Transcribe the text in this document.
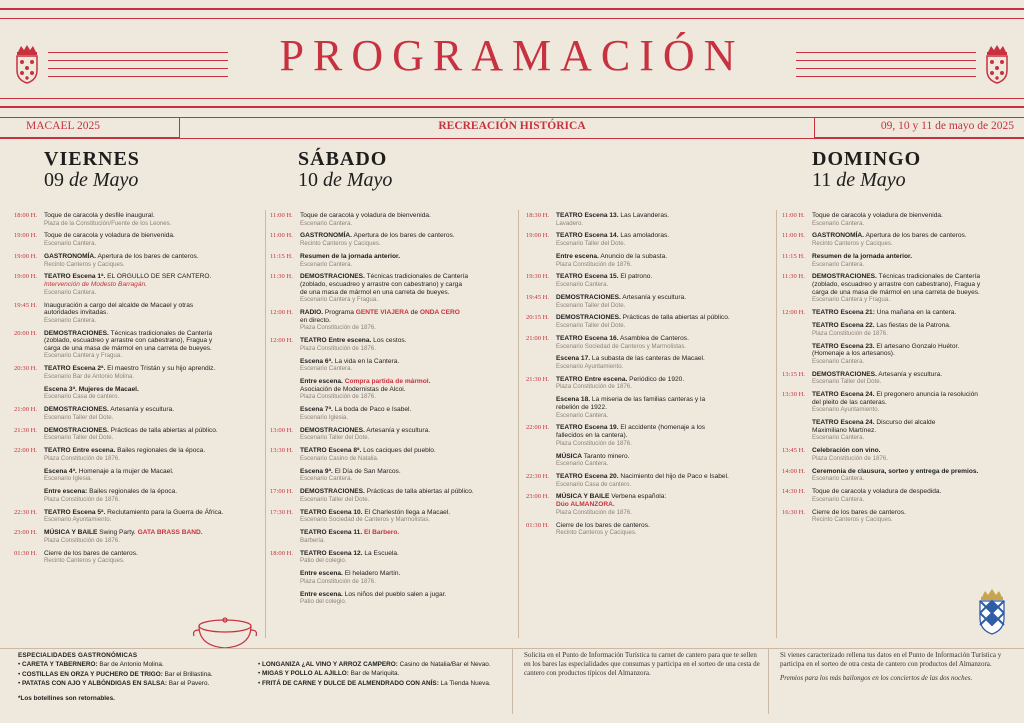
PROGRAMACIÓN
MACAEL 2025	RECREACIÓN HISTÓRICA	09, 10 y 11 de mayo de 2025
VIERNES
09 de Mayo
SÁBADO
10 de Mayo
DOMINGO
11 de Mayo
18:00 H.	Toque de caracola y desfile inaugural.
Plaza de la Constitución/Fuente de los Leones.
19:00 H.	Toque de caracola y voladura de bienvenida.
Escenario Cantera.
19:00 H.	GASTRONOMÍA. Apertura de los bares de canteros.
Recinto Canteros y Caciques.
19:00 H.	TEATRO Escena 1ª. EL ORGULLO DE SER CANTERO.
Intervención de Modesto Barragán.
Escenario Cantera.
19:45 H.	Inauguración a cargo del alcalde de Macael y otras
autoridades invitadas.
Escenario Cantera.
20:00 H.	DEMOSTRACIONES. Técnicas tradicionales de Cantería
(zoblado, escuadreo y arrastre con cabestrano), Fragua y
carga de una masa de mármol en una carreta de bueyes.
Escenario Cantera y Fragua.
20:30 H.	TEATRO Escena 2ª. El maestro Tristán y su hijo aprendiz.
Escenario Bar de Antonio Molina.
Escena 3ª. Mujeres de Macael.
Escenario Casa de cantero.
21:00 H.	DEMOSTRACIONES. Artesanía y escultura.
Escenario Taller del Dote.
21:30 H.	DEMOSTRACIONES. Prácticas de talla abiertas al público.
Escenario Taller del Dote.
22:00 H.	TEATRO Entre escena. Bailes regionales de la época.
Plaza Constitución de 1876.
Escena 4ª. Homenaje a la mujer de Macael.
Escenario Iglesia.
Entre escena: Bailes regionales de la época.
Plaza Constitución de 1876.
22:30 H.	TEATRO Escena 5ª. Reclutamiento para la Guerra de África.
Escenario Ayuntamiento.
23:00 H.	MÚSICA Y BAILE Swing Party. GATA BRASS BAND.
Plaza Constitución de 1876.
01:30 H.	Cierre de los bares de canteros.
Recinto Canteros y Caciques.
11:00 H.	Toque de caracola y voladura de bienvenida.
Escenario Cantera.
11:00 H.	GASTRONOMÍA. Apertura de los bares de canteros.
Recinto Canteros y Caciques.
11:15 H.	Resumen de la jornada anterior.
Escenario Cantera.
11:30 H.	DEMOSTRACIONES. Técnicas tradicionales de Cantería
(zoblado, escuadreo y arrastre con cabestrano) y carga
de una masa de mármol en una carreta de bueyes.
Escenario Cantera y Fragua.
12:00 H.	RADIO. Programa GENTE VIAJERA de ONDA CERO
en directo.
Plaza Constitución de 1876.
12:00 H.	TEATRO Entre escena. Los cestos.
Plaza Constitución de 1876.
Escena 6ª. La vida en la Cantera.
Escenario Cantera.
Entre escena. Compra partida de mármol.
Asociación de Modernistas de Alcoi.
Plaza Constitución de 1876.
Escena 7ª. La boda de Paco e Isabel.
Escenario Iglesia.
13:00 H.	DEMOSTRACIONES. Artesanía y escultura.
Escenario Taller del Dote.
13:30 H.	TEATRO Escena 8ª. Los caciques del pueblo.
Escenario Casino de Natalia.
Escena 9ª. El Día de San Marcos.
Escenario Cantera.
17:00 H.	DEMOSTRACIONES. Prácticas de talla abiertas al público.
Escenario Taller del Dote.
17:30 H.	TEATRO Escena 10. El Charlestón llega a Macael.
Escenario Sociedad de Canteros y Marmolistas.
TEATRO Escena 11. El Barbero.
Barbería.
18:00 H.	TEATRO Escena 12. La Escuela.
Patio del colegio.
Entre escena. El heladero Martín.
Plaza Constitución de 1876.
Entre escena. Los niños del pueblo salen a jugar.
Patio del colegio.
18:30 H.	TEATRO Escena 13. Las Lavanderas.
Lavadero.
19:00 H.	TEATRO Escena 14. Las amoladoras.
Escenario Taller del Dote.
Entre escena. Anuncio de la subasta.
Plaza Constitución de 1876.
19:30 H.	TEATRO Escena 15. El patrono.
Escenario Cantera.
19:45 H.	DEMOSTRACIONES. Artesanía y escultura.
Escenario Taller del Dote.
20:15 H.	DEMOSTRACIONES. Prácticas de talla abiertas al público.
Escenario Taller del Dote.
21:00 H.	TEATRO Escena 16. Asamblea de Canteros.
Escenario Sociedad de Canteros y Marmolistas.
Escena 17. La subasta de las canteras de Macael.
Escenario Ayuntamiento.
21:30 H.	TEATRO Entre escena. Periódico de 1920.
Plaza Constitución de 1876.
Escena 18. La miseria de las familias canteras y la
rebelión de 1922.
Escenario Cantera.
22:00 H.	TEATRO Escena 19. El accidente (homenaje a los
fallecidos en la cantera).
Plaza Constitución de 1876.
MÚSICA Taranto minero.
Escenario Cantera.
22:30 H.	TEATRO Escena 20. Nacimiento del hijo de Paco e Isabel.
Escenario Casa de cantero.
23:00 H.	MÚSICA Y BAILE Verbena española:
Dúo ALMANZORA.
Plaza Constitución de 1876.
01:30 H.	Cierre de los bares de canteros.
Recinto Canteros y Caciques.
11:00 H.	Toque de caracola y voladura de bienvenida.
Escenario Cantera.
11:00 H.	GASTRONOMÍA. Apertura de los bares de canteros.
Recinto Canteros y Caciques.
11:15 H.	Resumen de la jornada anterior.
Escenario Cantera.
11:30 H.	DEMOSTRACIONES. Técnicas tradicionales de Cantería
(zoblado, escuadreo y arrastre con cabestrano), Fragua y
carga de una masa de mármol en una carreta de bueyes.
Escenario Cantera y Fragua.
12:00 H.	TEATRO Escena 21: Una mañana en la cantera.
TEATRO Escena 22. Las fiestas de la Patrona.
Plaza Constitución de 1876.
TEATRO Escena 23. El artesano Gonzalo Huétor.
(Homenaje a los artesanos).
Escenario Cantera.
13:15 H.	DEMOSTRACIONES. Artesanía y escultura.
Escenario Taller del Dote.
13:30 H.	TEATRO Escena 24. El pregonero anuncia la resolución
del pleito de las canteras.
Escenario Ayuntamiento.
TEATRO Escena 24. Discurso del alcalde
Maximiliano Martínez.
Escenario Cantera.
13:45 H.	Celebración con vino.
Plaza Constitución de 1876.
14:00 H.	Ceremonia de clausura, sorteo y entrega de premios.
Escenario Cantera.
14:30 H.	Toque de caracola y voladura de despedida.
Escenario Cantera.
16:30 H.	Cierre de los bares de canteros.
Recinto Canteros y Caciques.
ESPECIALIDADES GASTRONÓMICAS
• CARETA Y TABERNERO: Bar de Antonio Molina.
• COSTILLAS EN ORZA Y PUCHERO DE TRIGO: Bar el Brillastina.
• PATATAS CON AJO Y ALBÓNDIGAS EN SALSA: Bar el Pavero.
*Los botellines son retornables.
• LONGANIZA ¿AL VINO Y ARROZ CAMPERO: Casino de Natalia/Bar el Nevao.
• MIGAS Y POLLO AL AJILLO: Bar de Mariquita.
• FRITÁ DE CARNE Y DULCE DE ALMENDRADO CON ANÍS: La Tienda Nueva.
Solicita en el Punto de Información Turística tu carnet de cantero para que te sellen en los bares las especialidades que consumas y participa en el sorteo de una cesta de cantero con productos típicos del Almanzora.
Si vienes caracterizado rellena tus datos en el Punto de Información Turística y participa en el sorteo de otra cesta de cantero con productos del Almanzora.
Premios para los más bailongos en los conciertos de las dos noches.
